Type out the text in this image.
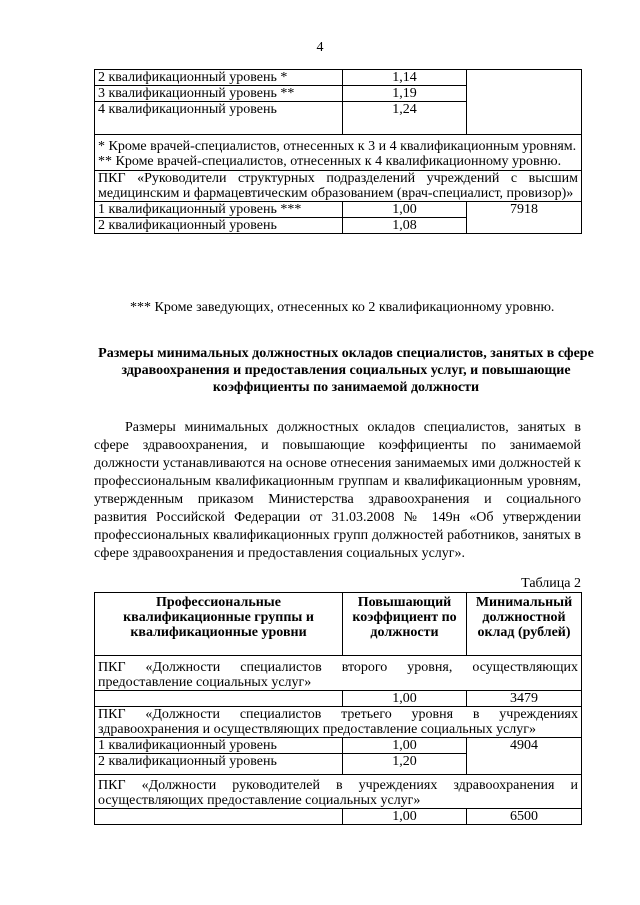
4
2 квалификационный уровень *	1,14	
3 квалификационный уровень **	1,19	
4 квалификационный уровень	1,24	

* Кроме врачей-специалистов, отнесенных к 3 и 4 квалификационным уровням.
** Кроме врачей-специалистов, отнесенных к 4 квалификационному уровню.		

ПКГ «Руководители структурных подразделений учреждений с высшим медицинским и фармацевтическим образованием (врач-специалист, провизор)»		
1 квалификационный уровень ***	1,00	7918
2 квалификационный уровень	1,08	

*** Кроме заведующих, отнесенных ко 2 квалификационному уровню.

Размеры минимальных должностных окладов специалистов, занятых в сфере здравоохранения и предоставления социальных услуг, и повышающие коэффициенты по занимаемой должности

Размеры минимальных должностных окладов специалистов, занятых в сфере здравоохранения, и повышающие коэффициенты по занимаемой должности устанавливаются на основе отнесения занимаемых ими должностей к профессиональным квалификационным группам и квалификационным уровням, утвержденным приказом Министерства здравоохранения и социального развития Российской Федерации от 31.03.2008 № 149н «Об утверждении профессиональных квалификационных групп должностей работников, занятых в сфере здравоохранения и предоставления социальных услуг».

Таблица 2
Профессиональные квалификационные группы и квалификационные уровни	Повышающий коэффициент по должности	Минимальный должностной оклад (рублей)
ПКГ «Должности специалистов второго уровня, осуществляющих предоставление социальных услуг»		
	1,00	3479
ПКГ «Должности специалистов третьего уровня в учреждениях здравоохранения и осуществляющих предоставление социальных услуг»		
1 квалификационный уровень	1,00	4904
2 квалификационный уровень	1,20	
ПКГ «Должности руководителей в учреждениях здравоохранения и осуществляющих предоставление социальных услуг»		
	1,00	6500
